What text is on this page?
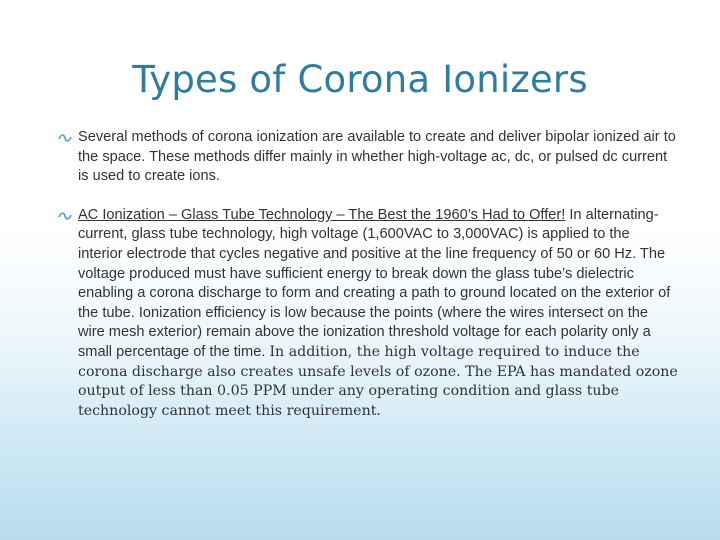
Types of Corona Ionizers
Several methods of corona ionization are available to create and deliver bipolar ionized air to the space. These methods differ mainly in whether high-voltage ac, dc, or pulsed dc current is used to create ions.
AC Ionization – Glass Tube Technology – The Best the 1960’s Had to Offer! In alternating-current, glass tube technology, high voltage (1,600VAC to 3,000VAC) is applied to the interior electrode that cycles negative and positive at the line frequency of 50 or 60 Hz. The voltage produced must have sufficient energy to break down the glass tube’s dielectric enabling a corona discharge to form and creating a path to ground located on the exterior of the tube. Ionization efficiency is low because the points (where the wires intersect on the wire mesh exterior) remain above the ionization threshold voltage for each polarity only a small percentage of the time. In addition, the high voltage required to induce the corona discharge also creates unsafe levels of ozone. The EPA has mandated ozone output of less than 0.05 PPM under any operating condition and glass tube technology cannot meet this requirement.
